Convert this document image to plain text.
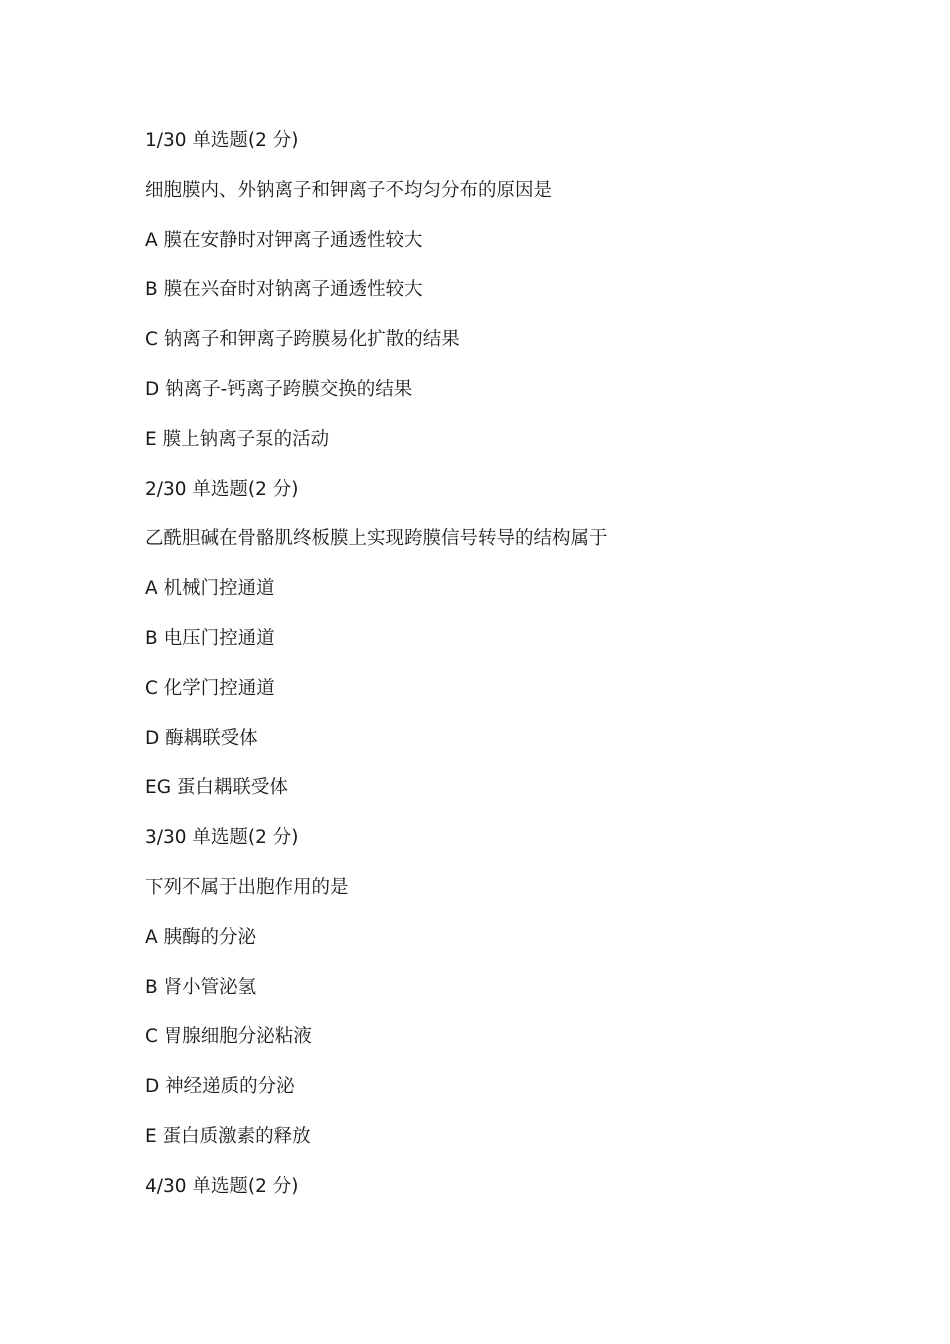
1/30 单选题(2 分)
细胞膜内、外钠离子和钾离子不均匀分布的原因是
A 膜在安静时对钾离子通透性较大
B 膜在兴奋时对钠离子通透性较大
C 钠离子和钾离子跨膜易化扩散的结果
D 钠离子-钙离子跨膜交换的结果
E 膜上钠离子泵的活动
2/30 单选题(2 分)
乙酰胆碱在骨骼肌终板膜上实现跨膜信号转导的结构属于
A 机械门控通道
B 电压门控通道
C 化学门控通道
D 酶耦联受体
EG 蛋白耦联受体
3/30 单选题(2 分)
下列不属于出胞作用的是
A 胰酶的分泌
B 肾小管泌氢
C 胃腺细胞分泌粘液
D 神经递质的分泌
E 蛋白质激素的释放
4/30 单选题(2 分)
